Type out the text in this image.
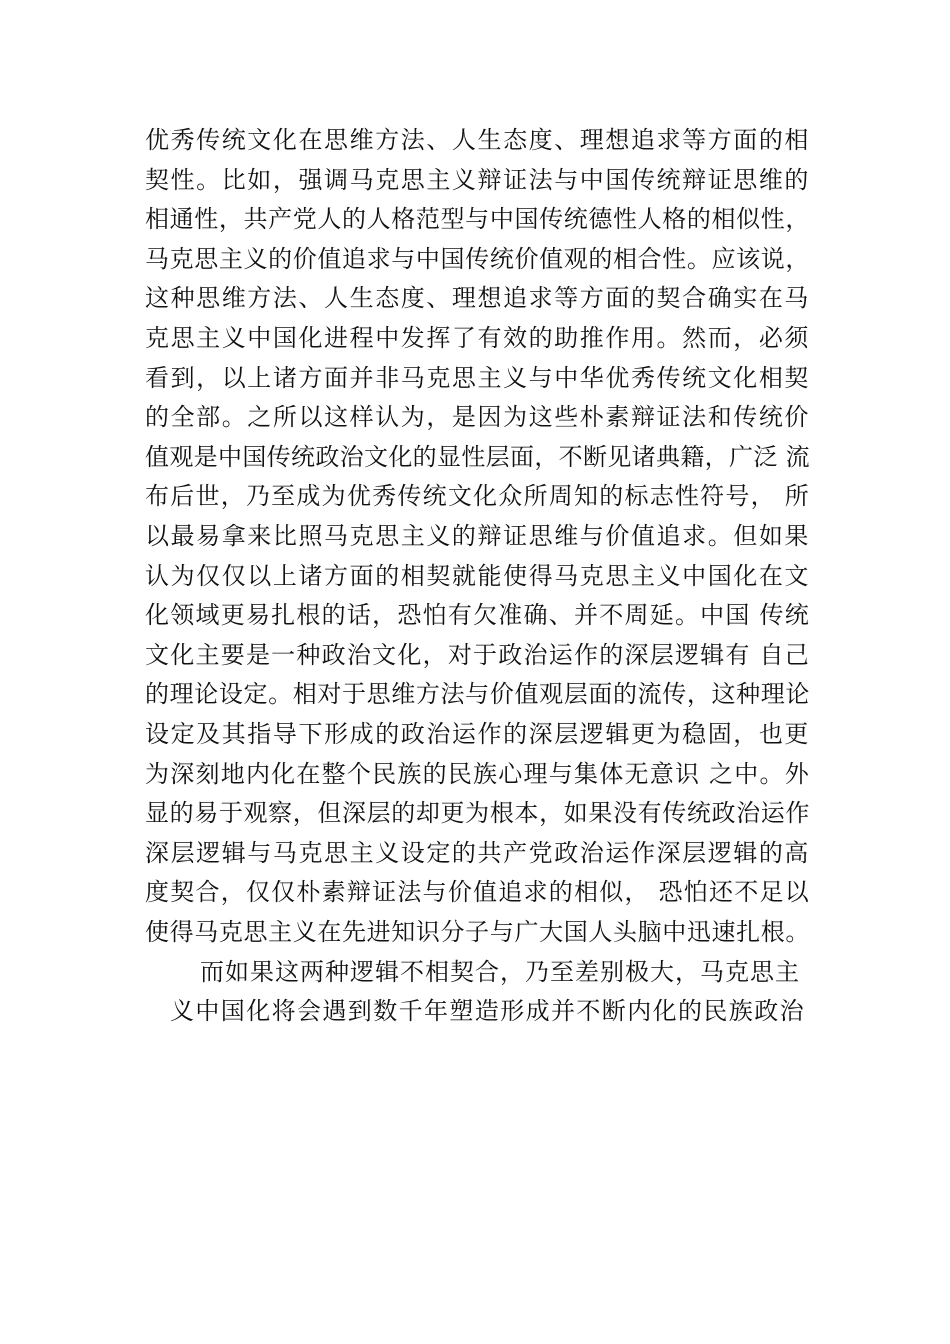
优秀传统文化在思维方法、人生态度、理想追求等方面的相
契性。比如，强调马克思主义辩证法与中国传统辩证思维的
相通性，共产党人的人格范型与中国传统德性人格的相似性，
马克思主义的价值追求与中国传统价值观的相合性。应该说，
这种思维方法、人生态度、理想追求等方面的契合确实在马
克思主义中国化进程中发挥了有效的助推作用。然而，必须
看到，以上诸方面并非马克思主义与中华优秀传统文化相契
的全部。之所以这样认为，是因为这些朴素辩证法和传统价
值观是中国传统政治文化的显性层面，不断见诸典籍，广泛 流
布后世，乃至成为优秀传统文化众所周知的标志性符号， 所
以最易拿来比照马克思主义的辩证思维与价值追求。但如果
认为仅仅以上诸方面的相契就能使得马克思主义中国化在文
化领域更易扎根的话，恐怕有欠准确、并不周延。中国 传统
文化主要是一种政治文化，对于政治运作的深层逻辑有 自己
的理论设定。相对于思维方法与价值观层面的流传，这种理论
设定及其指导下形成的政治运作的深层逻辑更为稳固，也更
为深刻地内化在整个民族的民族心理与集体无意识 之中。外
显的易于观察，但深层的却更为根本，如果没有传统政治运作
深层逻辑与马克思主义设定的共产党政治运作深层逻辑的高
度契合，仅仅朴素辩证法与价值追求的相似， 恐怕还不足以
使得马克思主义在先进知识分子与广大国人头脑中迅速扎根。
而如果这两种逻辑不相契合，乃至差别极大，马克思主
义中国化将会遇到数千年塑造形成并不断内化的民族政治
